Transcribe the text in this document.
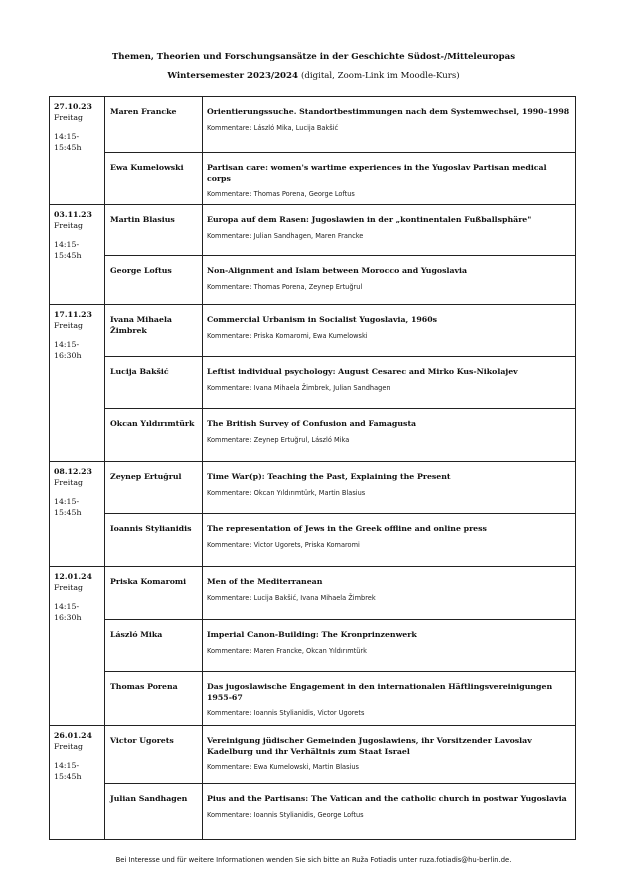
Themen, Theorien und Forschungsansätze in der Geschichte Südost-/Mitteleuropas
Wintersemester 2023/2024 (digital, Zoom-Link im Moodle-Kurs)
27.10.23
Freitag
14:15-
15:45h	Maren Francke	Orientierungssuche. Standortbestimmungen nach dem Systemwechsel, 1990–1998
Kommentare: László Mika, Lucija Bakšić

	Ewa Kumelowski	Partisan care: women's wartime experiences in the Yugoslav Partisan medical corps
Kommentare: Thomas Porena, George Loftus

03.11.23
Freitag
14:15-
15:45h	Martin Blasius	Europa auf dem Rasen: Jugoslawien in der „kontinentalen Fußballsphäre"
Kommentare: Julian Sandhagen, Maren Francke

	George Loftus	Non-Alignment and Islam between Morocco and Yugoslavia
Kommentare: Thomas Porena, Zeynep Ertuğrul

17.11.23
Freitag
14:15-
16:30h	Ivana Mihaela Žimbrek	Commercial Urbanism in Socialist Yugoslavia, 1960s
Kommentare: Priska Komaromi, Ewa Kumelowski

	Lucija Bakšić	Leftist individual psychology: August Cesarec and Mirko Kus-Nikolajev
Kommentare: Ivana Mihaela Žimbrek, Julian Sandhagen

	Okcan Yıldırımtürk	The British Survey of Confusion and Famagusta
Kommentare: Zeynep Ertuğrul, László Mika

08.12.23
Freitag
14:15-
15:45h	Zeynep Ertuğrul	Time War(p): Teaching the Past, Explaining the Present
Kommentare: Okcan Yıldırımtürk, Martin Blasius

	Ioannis Stylianidis	The representation of Jews in the Greek offline and online press
Kommentare: Victor Ugorets, Priska Komaromi

12.01.24
Freitag
14:15-
16:30h	Priska Komaromi	Men of the Mediterranean
Kommentare: Lucija Bakšić, Ivana Mihaela Žimbrek

	László Mika	Imperial Canon-Building: The Kronprinzenwerk
Kommentare: Maren Francke, Okcan Yıldırımtürk

	Thomas Porena	Das jugoslawische Engagement in den internationalen Häftlingsvereinigungen 1955-67
Kommentare: Ioannis Stylianidis, Victor Ugorets

26.01.24
Freitag
14:15-
15:45h	Victor Ugorets	Vereinigung jüdischer Gemeinden Jugoslawiens, ihr Vorsitzender Lavoslav Kadelburg und ihr Verhältnis zum Staat Israel
Kommentare: Ewa Kumelowski, Martin Blasius

	Julian Sandhagen	Pius and the Partisans: The Vatican and the catholic church in postwar Yugoslavia
Kommentare: Ioannis Stylianidis, George Loftus
Bei Interesse und für weitere Informationen wenden Sie sich bitte an Ruža Fotiadis unter ruza.fotiadis@hu-berlin.de.
